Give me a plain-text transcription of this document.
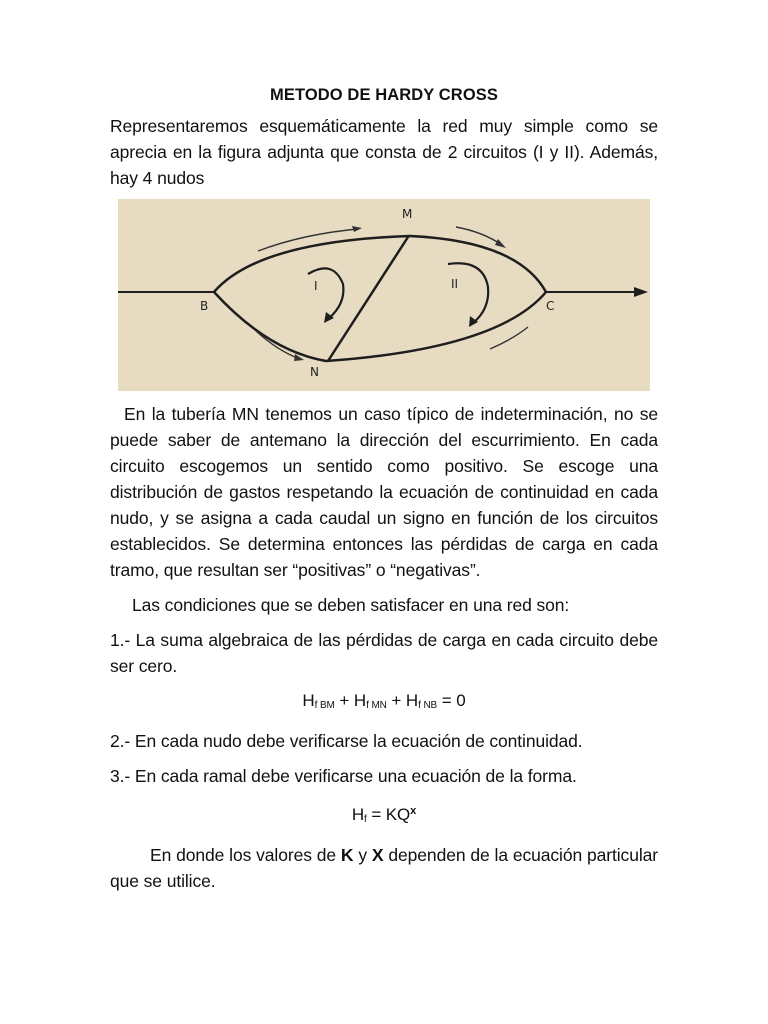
METODO DE HARDY CROSS

Representaremos esquemáticamente la red muy simple como se aprecia en la figura adjunta que consta de 2 circuitos (I y II). Además, hay 4 nudos

M
N
B	C
I	II

En la tubería MN tenemos un caso típico de indeterminación, no se puede saber de antemano la dirección del escurrimiento. En cada circuito escogemos un sentido como positivo. Se escoge una distribución de gastos respetando la ecuación de continuidad en cada nudo, y se asigna a cada caudal un signo en función de los circuitos establecidos. Se determina entonces las pérdidas de carga en cada tramo, que resultan ser “positivas” o “negativas”.

Las condiciones que se deben satisfacer en una red son:

1.- La suma algebraica de las pérdidas de carga en cada circuito debe ser cero.

$H_{f BM} + H_{f MN} + H_{f NB} = 0$

2.- En cada nudo debe verificarse la ecuación de continuidad.

3.- En cada ramal debe verificarse una ecuación de la forma.

$H_f = KQ^x$

En donde los valores de K y X dependen de la ecuación particular que se utilice.
